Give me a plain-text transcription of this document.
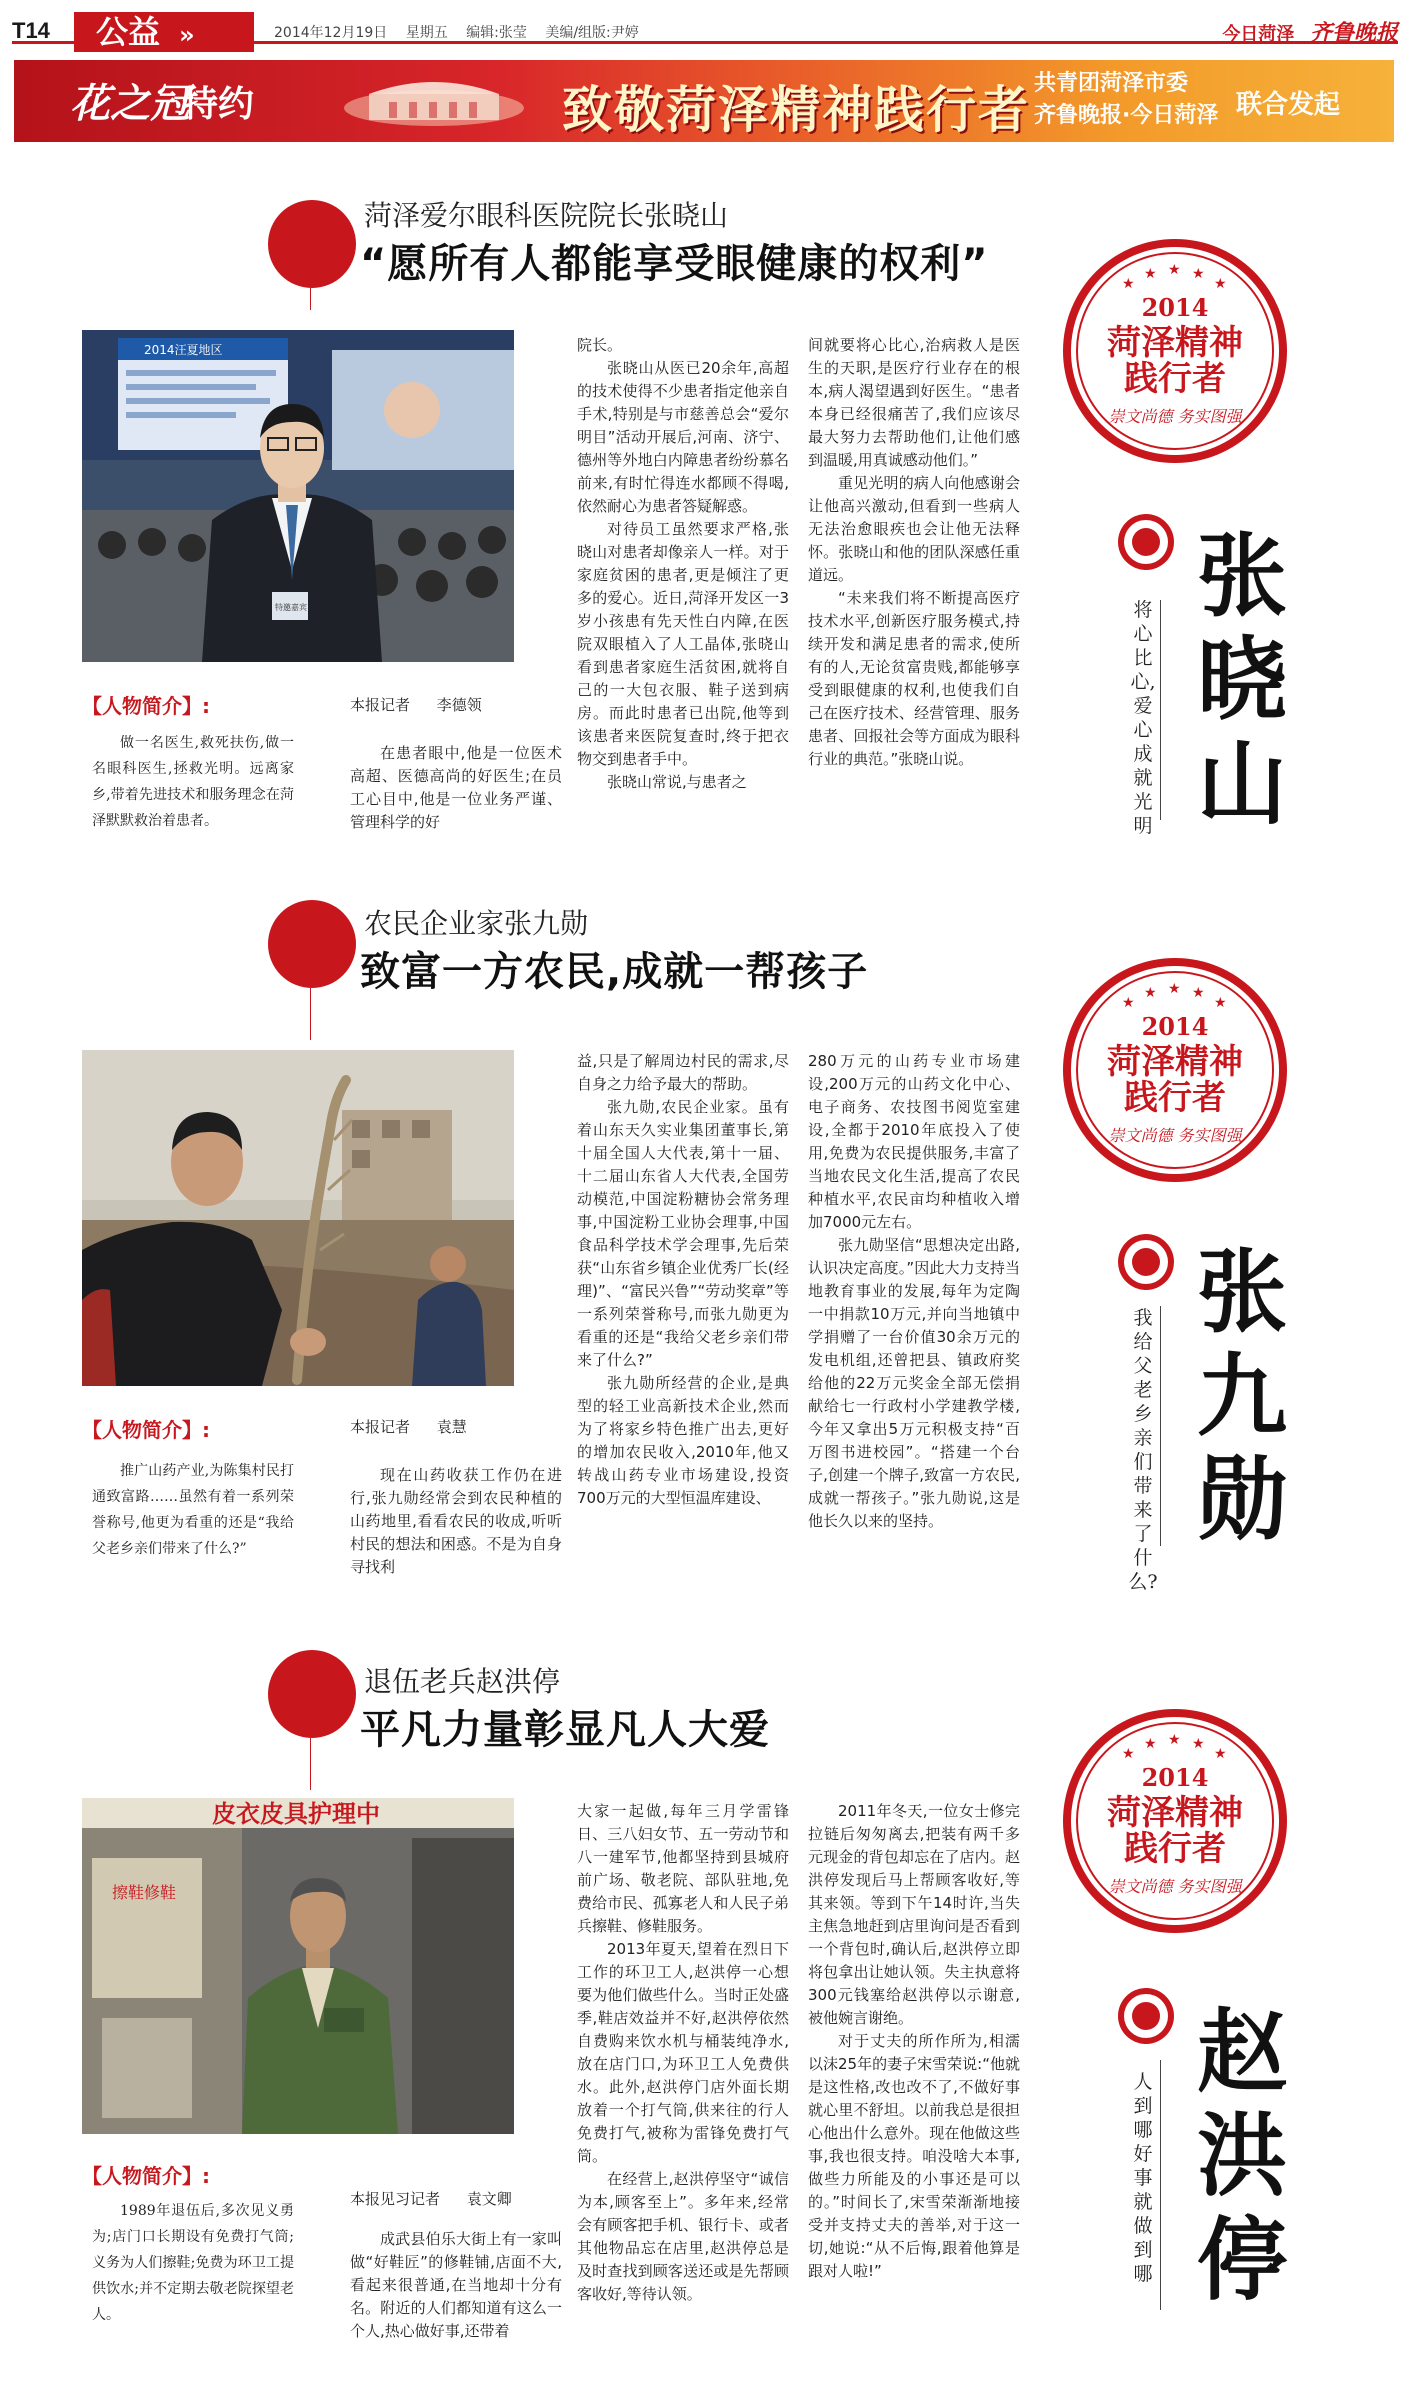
T14	公益 »	2014年12月19日 星期五 编辑:张莹 美编/组版:尹婷	今日菏泽 齐鲁晚报
花之冠
特约	致敬菏泽精神践行者 共青团菏泽市委
齐鲁晚报·今日菏泽 联合发起
菏泽爱尔眼科医院院长张晓山
“愿所有人都能享受眼健康的权利”
2014汪夏地区
特邀嘉宾
【人物简介】:
做一名医生,救死扶伤,做一名眼科医生,拯救光明。远离家乡,带着先进技术和服务理念在菏泽默默救治着患者。
本报记者 李德领

院长。

张晓山从医已20余年,高超的技术使得不少患者指定他亲自手术,特别是与市慈善总会“爱尔明目”活动开展后,河南、济宁、德州等外地白内障患者纷纷慕名前来,有时忙得连水都顾不得喝,依然耐心为患者答疑解惑。

对待员工虽然要求严格,张晓山对患者却像亲人一样。对于家庭贫困的患者,更是倾注了更多的爱心。近日,菏泽开发区一3岁小孩患有先天性白内障,在医院双眼植入了人工晶体,张晓山看到患者家庭生活贫困,就将自己的一大包衣服、鞋子送到病房。而此时患者已出院,他等到该患者来医院复查时,终于把衣物交到患者手中。

张晓山常说,与患者之

在患者眼中,他是一位医术高超、医德高尚的好医生;在员工心目中,他是一位业务严谨、管理科学的好

间就要将心比心,治病救人是医生的天职,是医疗行业存在的根本,病人渴望遇到好医生。“患者本身已经很痛苦了,我们应该尽最大努力去帮助他们,让他们感到温暖,用真诚感动他们。”

重见光明的病人向他感谢会让他高兴激动,但看到一些病人无法治愈眼疾也会让他无法释怀。张晓山和他的团队深感任重道远。

“未来我们将不断提高医疗技术水平,创新医疗服务模式,持续开发和满足患者的需求,使所有的人,无论贫富贵贱,都能够享受到眼健康的权利,也使我们自己在医疗技术、经营管理、服务患者、回报社会等方面成为眼科行业的典范。”张晓山说。

★
★ ★ ★
★
2014
菏泽精神
践行者
崇文尚德 务实图强
将心比心,爱心成就光明
张晓山
农民企业家张九勋
致富一方农民,成就一帮孩子
【人物简介】:
推广山药产业,为陈集村民打通致富路……虽然有着一系列荣誉称号,他更为看重的还是“我给父老乡亲们带来了什么?”
本报记者 袁慧

现在山药收获工作仍在进行,张九勋经常会到农民种植的山药地里,看看农民的收成,听听村民的想法和困惑。不是为自身寻找利

益,只是了解周边村民的需求,尽自身之力给予最大的帮助。

张九勋,农民企业家。虽有着山东天久实业集团董事长,第十届全国人大代表,第十一届、十二届山东省人大代表,全国劳动模范,中国淀粉糖协会常务理事,中国淀粉工业协会理事,中国食品科学技术学会理事,先后荣获“山东省乡镇企业优秀厂长(经理)”、“富民兴鲁”“劳动奖章”等一系列荣誉称号,而张九勋更为看重的还是“我给父老乡亲们带来了什么?”

张九勋所经营的企业,是典型的轻工业高新技术企业,然而为了将家乡特色推广出去,更好的增加农民收入,2010年,他又转战山药专业市场建设,投资700万元的大型恒温库建设、

280万元的山药专业市场建设,200万元的山药文化中心、电子商务、农技图书阅览室建设,全都于2010年底投入了使用,免费为农民提供服务,丰富了当地农民文化生活,提高了农民种植水平,农民亩均种植收入增加7000元左右。

张九勋坚信“思想决定出路,认识决定高度。”因此大力支持当地教育事业的发展,每年为定陶一中捐款10万元,并向当地镇中学捐赠了一台价值30余万元的发电机组,还曾把县、镇政府奖给他的22万元奖金全部无偿捐献给七一行政村小学建教学楼,今年又拿出5万元积极支持“百万图书进校园”。“搭建一个台子,创建一个牌子,致富一方农民,成就一帮孩子。”张九勋说,这是他长久以来的坚持。

★
★ ★ ★
★
2014
菏泽精神
践行者
崇文尚德 务实图强
我给父老乡亲们带来了什么?
张九勋
退伍老兵赵洪停
平凡力量彰显凡人大爱
皮衣皮具护理中
擦鞋修鞋
【人物简介】:
1989年退伍后,多次见义勇为;店门口长期设有免费打气筒;义务为人们擦鞋;免费为环卫工提供饮水;并不定期去敬老院探望老人。
本报见习记者 袁文卿

成武县伯乐大街上有一家叫做“好鞋匠”的修鞋铺,店面不大,看起来很普通,在当地却十分有名。附近的人们都知道有这么一个人,热心做好事,还带着

大家一起做,每年三月学雷锋日、三八妇女节、五一劳动节和八一建军节,他都坚持到县城府前广场、敬老院、部队驻地,免费给市民、孤寡老人和人民子弟兵擦鞋、修鞋服务。

2013年夏天,望着在烈日下工作的环卫工人,赵洪停一心想要为他们做些什么。当时正处盛季,鞋店效益并不好,赵洪停依然自费购来饮水机与桶装纯净水,放在店门口,为环卫工人免费供水。此外,赵洪停门店外面长期放着一个打气筒,供来往的行人免费打气,被称为雷锋免费打气筒。

在经营上,赵洪停坚守“诚信为本,顾客至上”。多年来,经常会有顾客把手机、银行卡、或者其他物品忘在店里,赵洪停总是及时查找到顾客送还或是先帮顾客收好,等待认领。

2011年冬天,一位女士修完拉链后匆匆离去,把装有两千多元现金的背包却忘在了店内。赵洪停发现后马上帮顾客收好,等其来领。等到下午14时许,当失主焦急地赶到店里询问是否看到一个背包时,确认后,赵洪停立即将包拿出让她认领。失主执意将300元钱塞给赵洪停以示谢意,被他婉言谢绝。

对于丈夫的所作所为,相濡以沫25年的妻子宋雪荣说:“他就是这性格,改也改不了,不做好事就心里不舒坦。以前我总是很担心他出什么意外。现在他做这些事,我也很支持。咱没啥大本事,做些力所能及的小事还是可以的。”时间长了,宋雪荣渐渐地接受并支持丈夫的善举,对于这一切,她说:“从不后悔,跟着他算是跟对人啦!”

★
★ ★ ★
★
2014
菏泽精神
践行者
崇文尚德 务实图强
人到哪好事就做到哪
赵洪停
